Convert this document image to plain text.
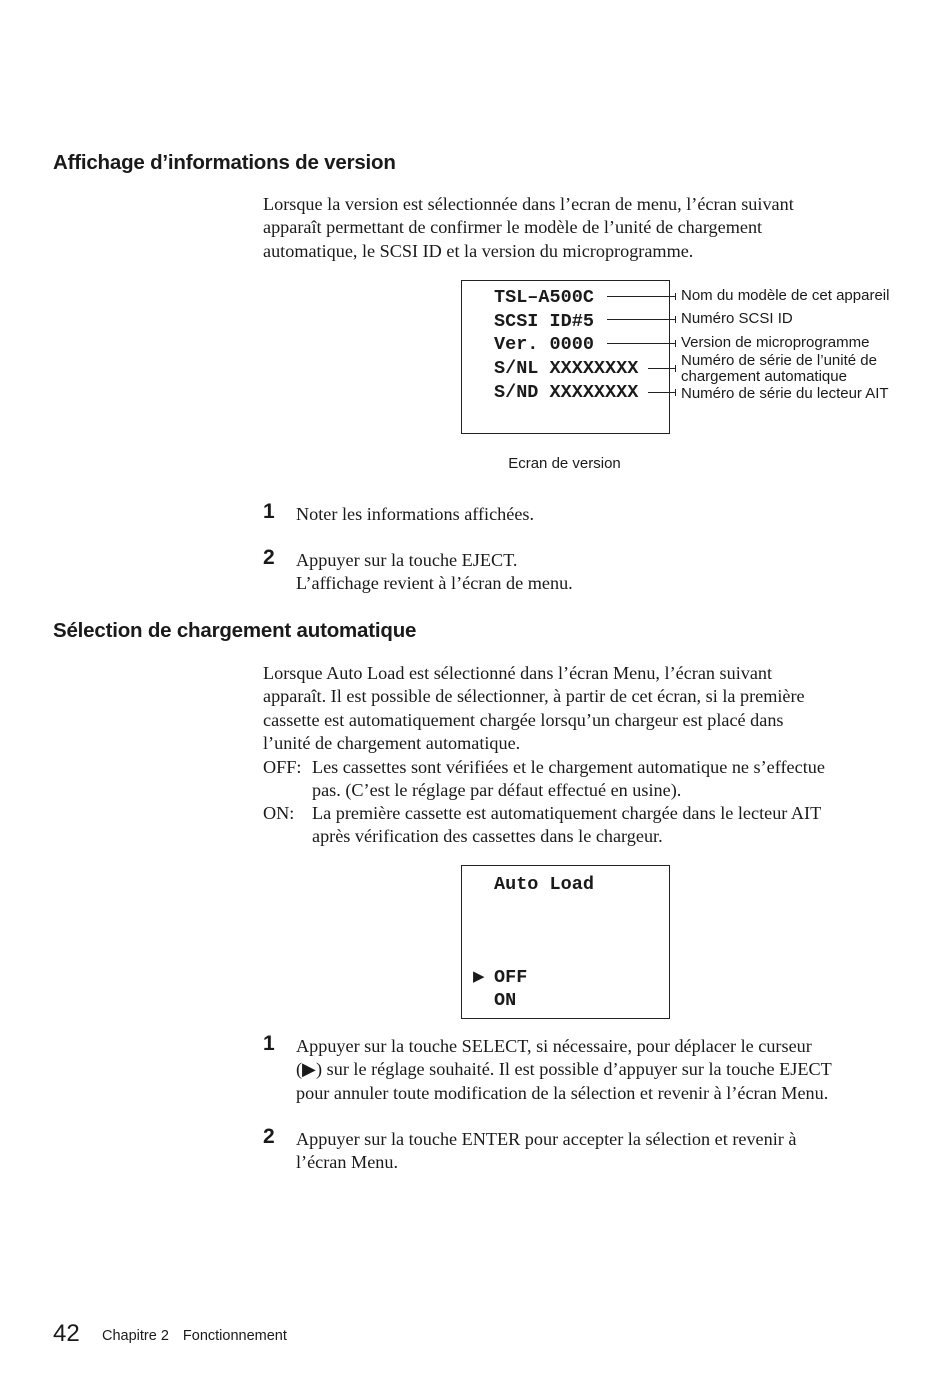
Affichage d’informations de version

Lorsque la version est sélectionnée dans l’ecran de menu, l’écran suivant
apparaît permettant de confirmer le modèle de l’unité de chargement
automatique, le SCSI ID et la version du microprogramme.

TSL–A500C
SCSI ID#5
Ver. 0000
S/NL XXXXXXXX
S/ND XXXXXXXX
Nom du modèle de cet appareil
Numéro SCSI ID
Version de microprogramme
Numéro de série de l’unité de
chargement automatique
Numéro de série du lecteur AIT
Ecran de version
1 Noter les informations affichées.
2 Appuyer sur la touche EJECT.
L’affichage revient à l’écran de menu.
Sélection de chargement automatique

Lorsque Auto Load est sélectionné dans l’écran Menu, l’écran suivant
apparaît. Il est possible de sélectionner, à partir de cet écran, si la première
cassette est automatiquement chargée lorsqu’un chargeur est placé dans
l’unité de chargement automatique.

OFF: Les cassettes sont vérifiées et le chargement automatique ne s’effectue
pas. (C’est le réglage par défaut effectué en usine).
ON: La première cassette est automatiquement chargée dans le lecteur AIT
après vérification des cassettes dans le chargeur.
Auto Load
▶ OFF
ON
1 Appuyer sur la touche SELECT, si nécessaire, pour déplacer le curseur
(▶) sur le réglage souhaité. Il est possible d’appuyer sur la touche EJECT
pour annuler toute modification de la sélection et revenir à l’écran Menu.
2 Appuyer sur la touche ENTER pour accepter la sélection et revenir à
l’écran Menu.
42 Chapitre 2 Fonctionnement
